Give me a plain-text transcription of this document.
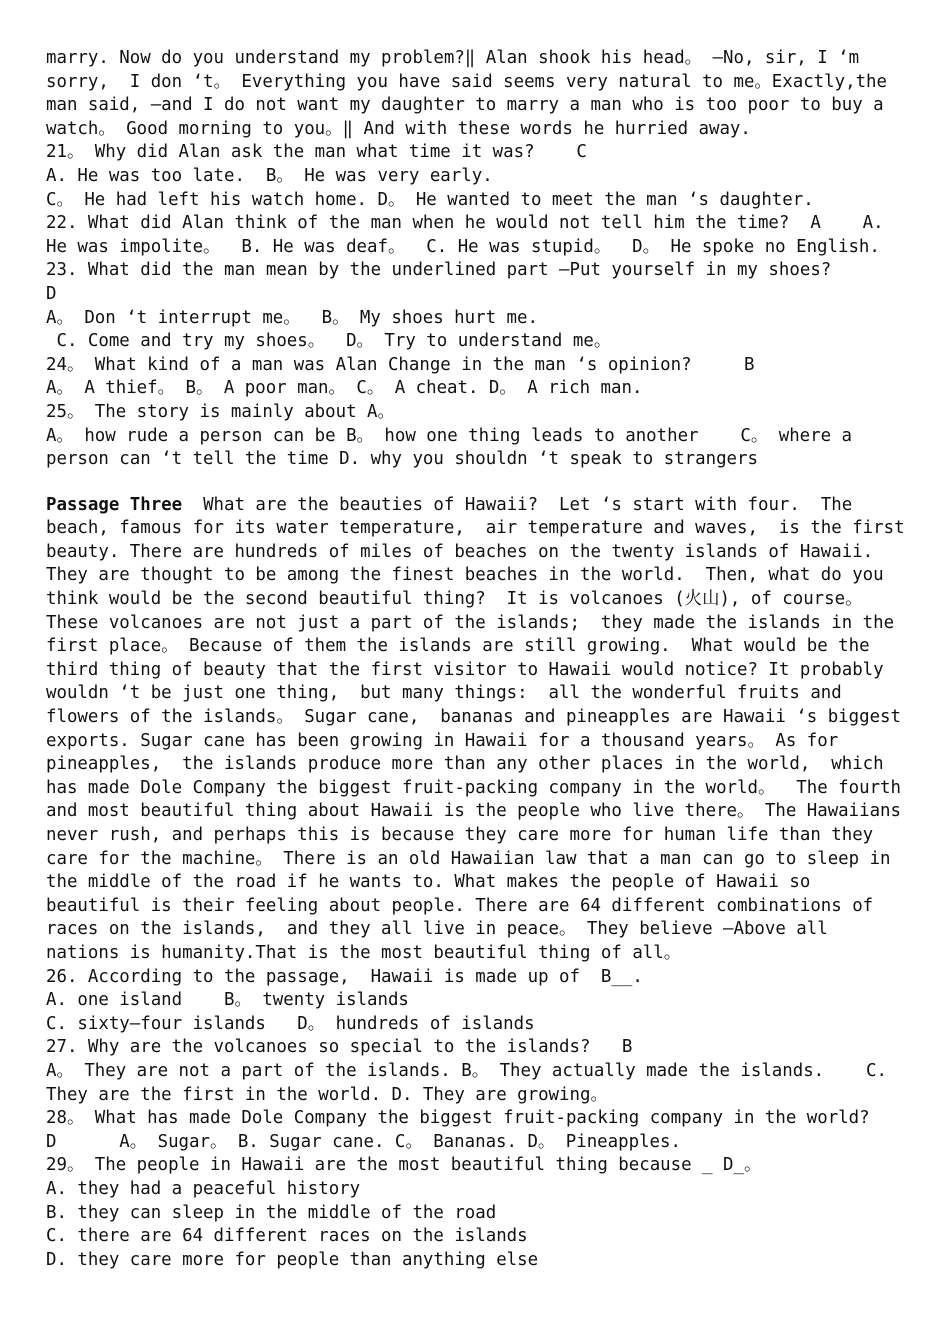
marry. Now do you understand my problem?‖ Alan shook his head。 —No, sir, I ‘m
sorry,  I don ‘t。 Everything you have said seems very natural to me。Exactly,the
man said, —and I do not want my daughter to marry a man who is too poor to buy a
watch。 Good morning to you。‖ And with these words he hurried away.
21。 Why did Alan ask the man what time it was?    C
A. He was too late.  B。 He was very early.
C。 He had left his watch home. D。 He wanted to meet the man ‘s daughter.
22. What did Alan think of the man when he would not tell him the time?  A    A.
He was impolite。  B. He was deaf。  C. He was stupid。  D。 He spoke no English.
23. What did the man mean by the underlined part —Put yourself in my shoes?
D
A。 Don ‘t interrupt me。  B。 My shoes hurt me.
C. Come and try my shoes。  D。 Try to understand me。
24。 What kind of a man was Alan Change in the man ‘s opinion?     B
A。 A thief。 B。 A poor man。 C。 A cheat. D。 A rich man.
25。 The story is mainly about A。
A。 how rude a person can be B。 how one thing leads to another    C。 where a
person can ‘t tell the time D. why you shouldn ‘t speak to strangers
Passage Three  What are the beauties of Hawaii?  Let ‘s start with four.  The
beach, famous for its water temperature,  air temperature and waves,  is the first
beauty. There are hundreds of miles of beaches on the twenty islands of Hawaii.
They are thought to be among the finest beaches in the world.  Then, what do you
think would be the second beautiful thing?  It is volcanoes (火山), of course。
These volcanoes are not just a part of the islands;  they made the islands in the
first place。 Because of them the islands are still growing.  What would be the
third thing of beauty that the first visitor to Hawaii would notice? It probably
wouldn ‘t be just one thing,  but many things:  all the wonderful fruits and
flowers of the islands。 Sugar cane,  bananas and pineapples are Hawaii ‘s biggest
exports. Sugar cane has been growing in Hawaii for a thousand years。 As for
pineapples,  the islands produce more than any other places in the world,  which
has made Dole Company the biggest fruit-packing company in the world。  The fourth
and most beautiful thing about Hawaii is the people who live there。 The Hawaiians
never rush, and perhaps this is because they care more for human life than they
care for the machine。 There is an old Hawaiian law that a man can go to sleep in
the middle of the road if he wants to. What makes the people of Hawaii so
beautiful is their feeling about people. There are 64 different combinations of
races on the islands,  and they all live in peace。 They believe —Above all
nations is humanity.That is the most beautiful thing of all。
26. According to the passage,  Hawaii is made up of  B__.
A. one island    B。 twenty islands
C. sixty—four islands   D。 hundreds of islands
27. Why are the volcanoes so special to the islands?   B
A。 They are not a part of the islands. B。 They actually made the islands.    C.
They are the first in the world. D. They are growing。
28。 What has made Dole Company the biggest fruit-packing company in the world?
D      A。 Sugar。 B. Sugar cane. C。 Bananas. D。 Pineapples.
29。 The people in Hawaii are the most beautiful thing because _ D_。
A. they had a peaceful history
B. they can sleep in the middle of the road
C. there are 64 different races on the islands
D. they care more for people than anything else
